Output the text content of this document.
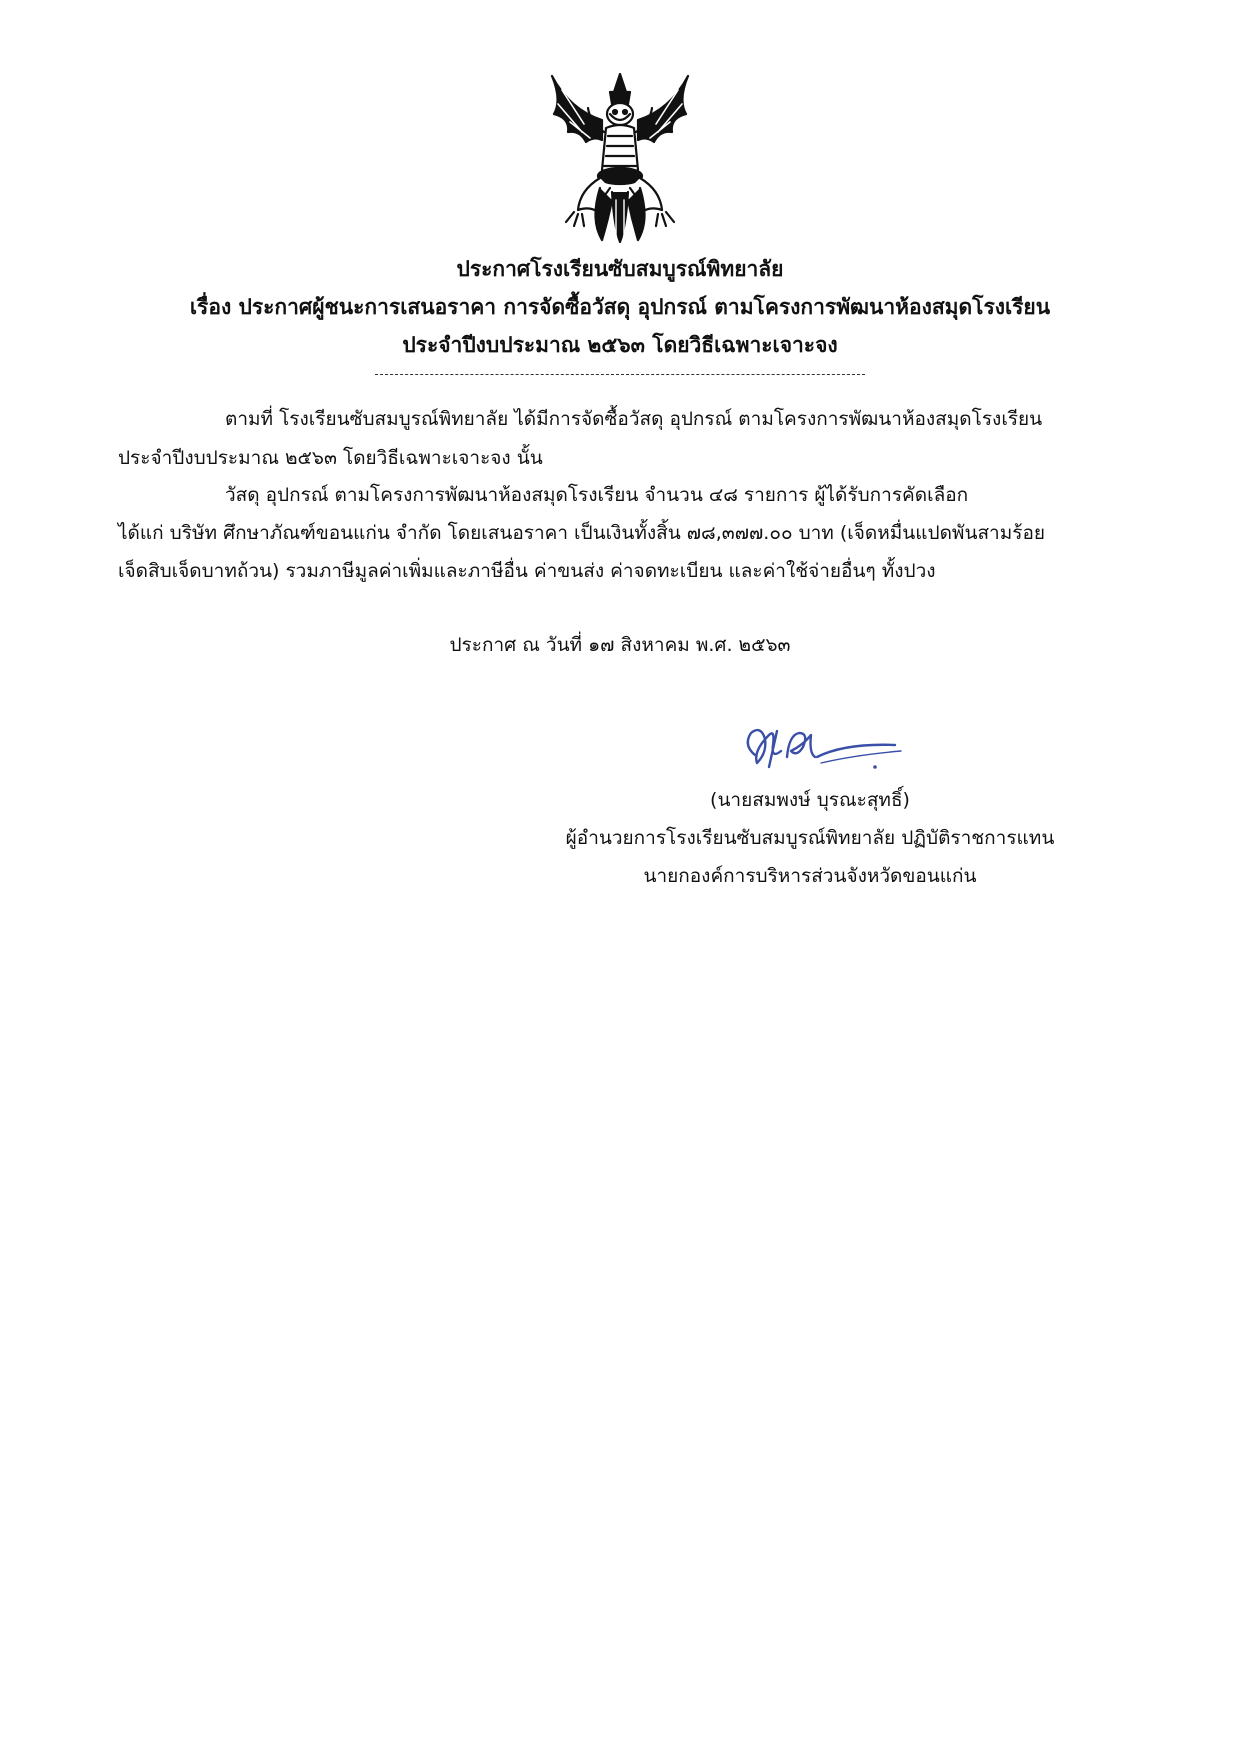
ประกาศโรงเรียนซับสมบูรณ์พิทยาลัย
เรื่อง ประกาศผู้ชนะการเสนอราคา การจัดซื้อวัสดุ อุปกรณ์ ตามโครงการพัฒนาห้องสมุดโรงเรียน
ประจำปีงบประมาณ ๒๕๖๓ โดยวิธีเฉพาะเจาะจง
ตามที่ โรงเรียนซับสมบูรณ์พิทยาลัย ได้มีการจัดซื้อวัสดุ อุปกรณ์ ตามโครงการพัฒนาห้องสมุดโรงเรียน
ประจำปีงบประมาณ ๒๕๖๓ โดยวิธีเฉพาะเจาะจง นั้น
วัสดุ อุปกรณ์ ตามโครงการพัฒนาห้องสมุดโรงเรียน จำนวน ๔๘ รายการ ผู้ได้รับการคัดเลือก
ได้แก่ บริษัท ศึกษาภัณฑ์ขอนแก่น จำกัด โดยเสนอราคา เป็นเงินทั้งสิ้น ๗๘,๓๗๗.๐๐ บาท (เจ็ดหมื่นแปดพันสามร้อย
เจ็ดสิบเจ็ดบาทถ้วน) รวมภาษีมูลค่าเพิ่มและภาษีอื่น ค่าขนส่ง ค่าจดทะเบียน และค่าใช้จ่ายอื่นๆ ทั้งปวง
ประกาศ ณ วันที่ ๑๗ สิงหาคม พ.ศ. ๒๕๖๓
(นายสมพงษ์ บุรณะสุทธิ์)
ผู้อำนวยการโรงเรียนซับสมบูรณ์พิทยาลัย ปฏิบัติราชการแทน
นายกองค์การบริหารส่วนจังหวัดขอนแก่น
